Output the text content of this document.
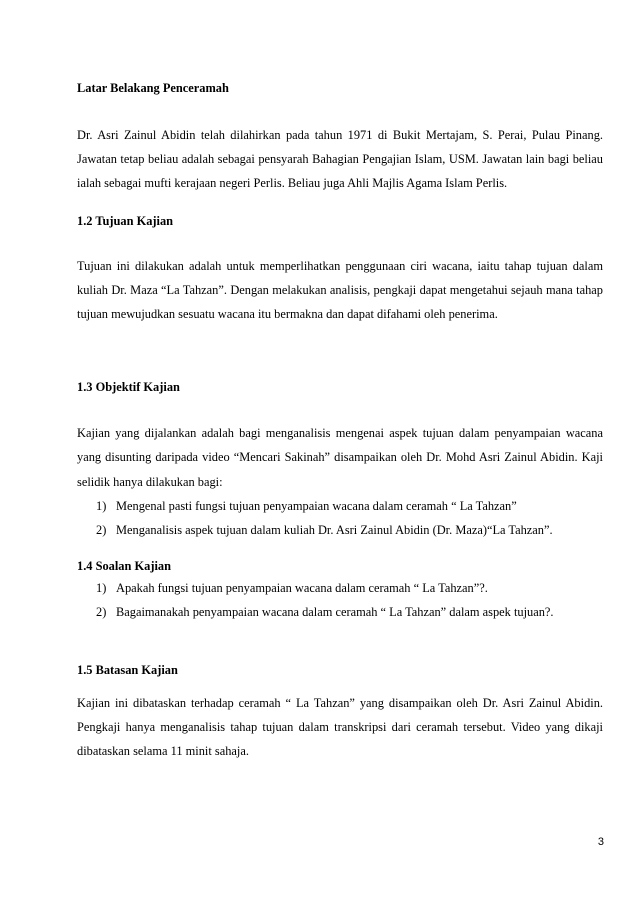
Latar Belakang Penceramah

Dr. Asri Zainul Abidin telah dilahirkan pada tahun 1971 di Bukit Mertajam, S. Perai, Pulau Pinang. Jawatan tetap beliau adalah sebagai pensyarah Bahagian Pengajian Islam, USM. Jawatan lain bagi beliau ialah sebagai mufti kerajaan negeri Perlis. Beliau juga Ahli Majlis Agama Islam Perlis.

1.2 Tujuan Kajian

Tujuan ini dilakukan adalah untuk memperlihatkan penggunaan ciri wacana, iaitu tahap tujuan dalam kuliah Dr. Maza “La Tahzan”. Dengan melakukan analisis, pengkaji dapat mengetahui sejauh mana tahap tujuan mewujudkan sesuatu wacana itu bermakna dan dapat difahami oleh penerima.

1.3 Objektif Kajian

Kajian yang dijalankan adalah bagi menganalisis mengenai aspek tujuan dalam penyampaian wacana yang disunting daripada video “Mencari Sakinah” disampaikan oleh Dr. Mohd Asri Zainul Abidin. Kaji selidik hanya dilakukan bagi:

1) Mengenal pasti fungsi tujuan penyampaian wacana dalam ceramah “ La Tahzan”
2) Menganalisis aspek tujuan dalam kuliah Dr. Asri Zainul Abidin (Dr. Maza)“La Tahzan”.

1.4 Soalan Kajian

1) Apakah fungsi tujuan penyampaian wacana dalam ceramah “ La Tahzan”?.
2) Bagaimanakah penyampaian wacana dalam ceramah “ La Tahzan” dalam aspek tujuan?.

1.5 Batasan Kajian

Kajian ini dibataskan terhadap ceramah “ La Tahzan” yang disampaikan oleh Dr. Asri Zainul Abidin. Pengkaji hanya menganalisis tahap tujuan dalam transkripsi dari ceramah tersebut. Video yang dikaji dibataskan selama 11 minit sahaja.

3
